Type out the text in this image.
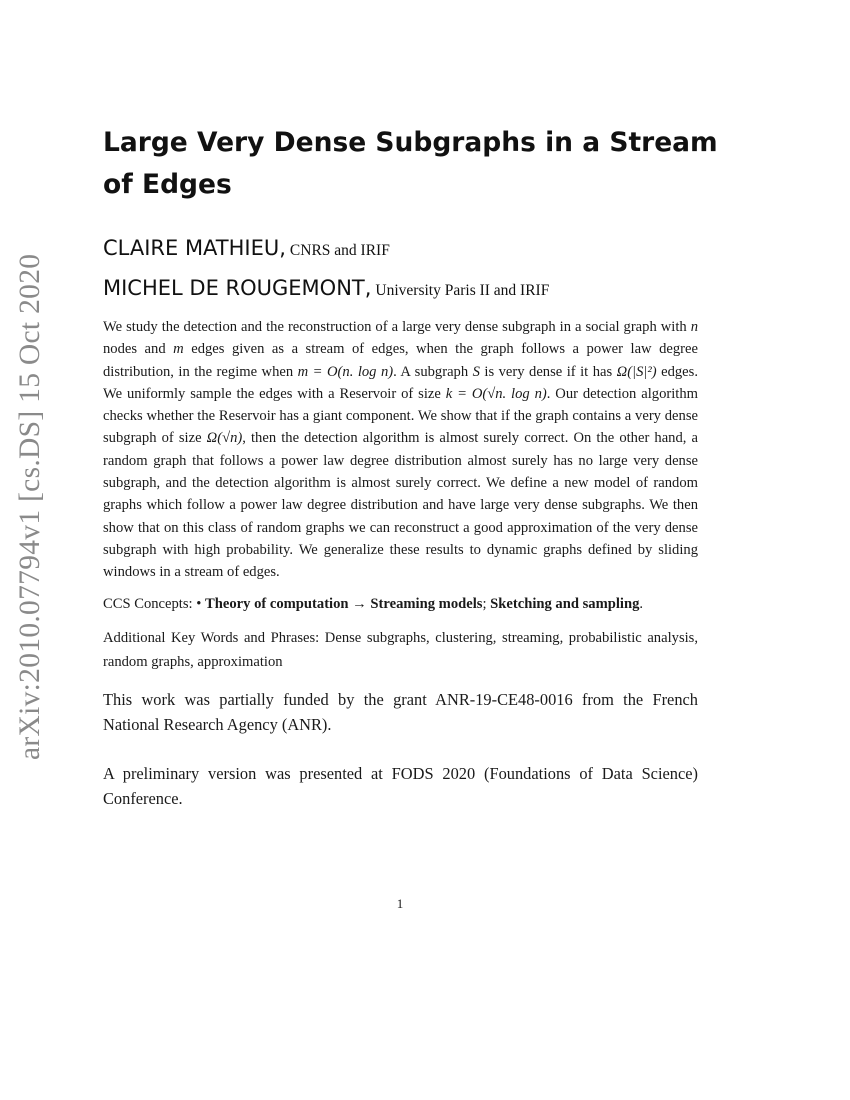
arXiv:2010.07794v1 [cs.DS] 15 Oct 2020
Large Very Dense Subgraphs in a Stream of Edges
CLAIRE MATHIEU, CNRS and IRIF
MICHEL DE ROUGEMONT, University Paris II and IRIF

We study the detection and the reconstruction of a large very dense subgraph in a social graph with n nodes and m edges given as a stream of edges, when the graph follows a power law degree distribution, in the regime when m = O(n. log n). A subgraph S is very dense if it has Ω(|S|²) edges. We uniformly sample the edges with a Reservoir of size k = O(√n. log n). Our detection algorithm checks whether the Reservoir has a giant component. We show that if the graph contains a very dense subgraph of size Ω(√n), then the detection algorithm is almost surely correct. On the other hand, a random graph that follows a power law degree distribution almost surely has no large very dense subgraph, and the detection algorithm is almost surely correct. We define a new model of random graphs which follow a power law degree distribution and have large very dense subgraphs. We then show that on this class of random graphs we can reconstruct a good approximation of the very dense subgraph with high probability. We generalize these results to dynamic graphs defined by sliding windows in a stream of edges.

CCS Concepts: • Theory of computation → Streaming models; Sketching and sampling.

Additional Key Words and Phrases: Dense subgraphs, clustering, streaming, probabilistic analysis, random graphs, approximation

This work was partially funded by the grant ANR-19-CE48-0016 from the French National Research Agency (ANR).

A preliminary version was presented at FODS 2020 (Foundations of Data Science) Conference.

1
